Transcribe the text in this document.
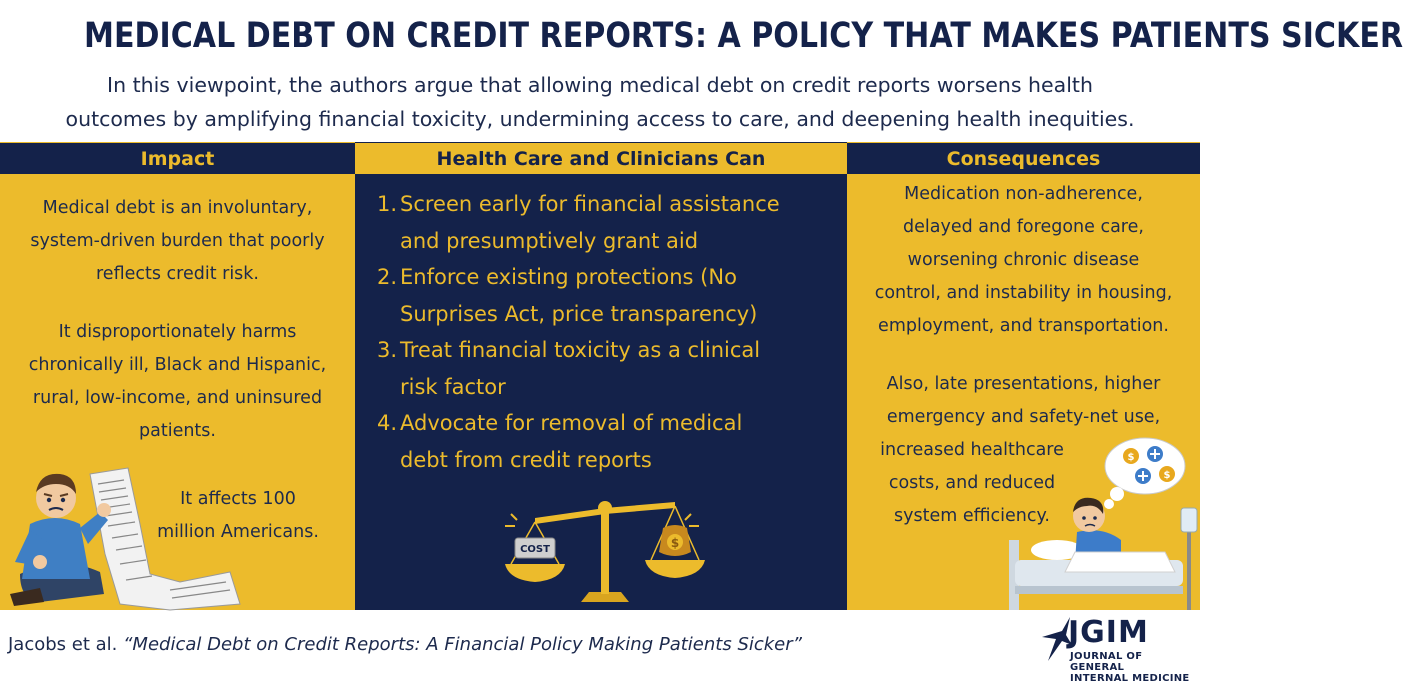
MEDICAL DEBT ON CREDIT REPORTS: A POLICY THAT MAKES PATIENTS SICKER
In this viewpoint, the authors argue that allowing medical debt on credit reports worsens health
outcomes by amplifying financial toxicity, undermining access to care, and deepening health inequities.
Impact
Medical debt is an involuntary,
system-driven burden that poorly
reflects credit risk.
It disproportionately harms
chronically ill, Black and Hispanic,
rural, low-income, and uninsured
patients.
It affects 100
million Americans.
Health Care and Clinicians Can
1. Screen early for financial assistance
and presumptively grant aid
2. Enforce existing protections (No
Surprises Act, price transparency)
3. Treat financial toxicity as a clinical
risk factor
4. Advocate for removal of medical
debt from credit reports
COST	$
Consequences
Medication non-adherence,
delayed and foregone care,
worsening chronic disease
control, and instability in housing,
employment, and transportation.
Also, late presentations, higher
emergency and safety-net use,
increased healthcare
costs, and reduced
system efficiency.
$
$
Jacobs et al. “Medical Debt on Credit Reports: A Financial Policy Making Patients Sicker”	JGIM
JOURNAL OF GENERAL
INTERNAL MEDICINE
